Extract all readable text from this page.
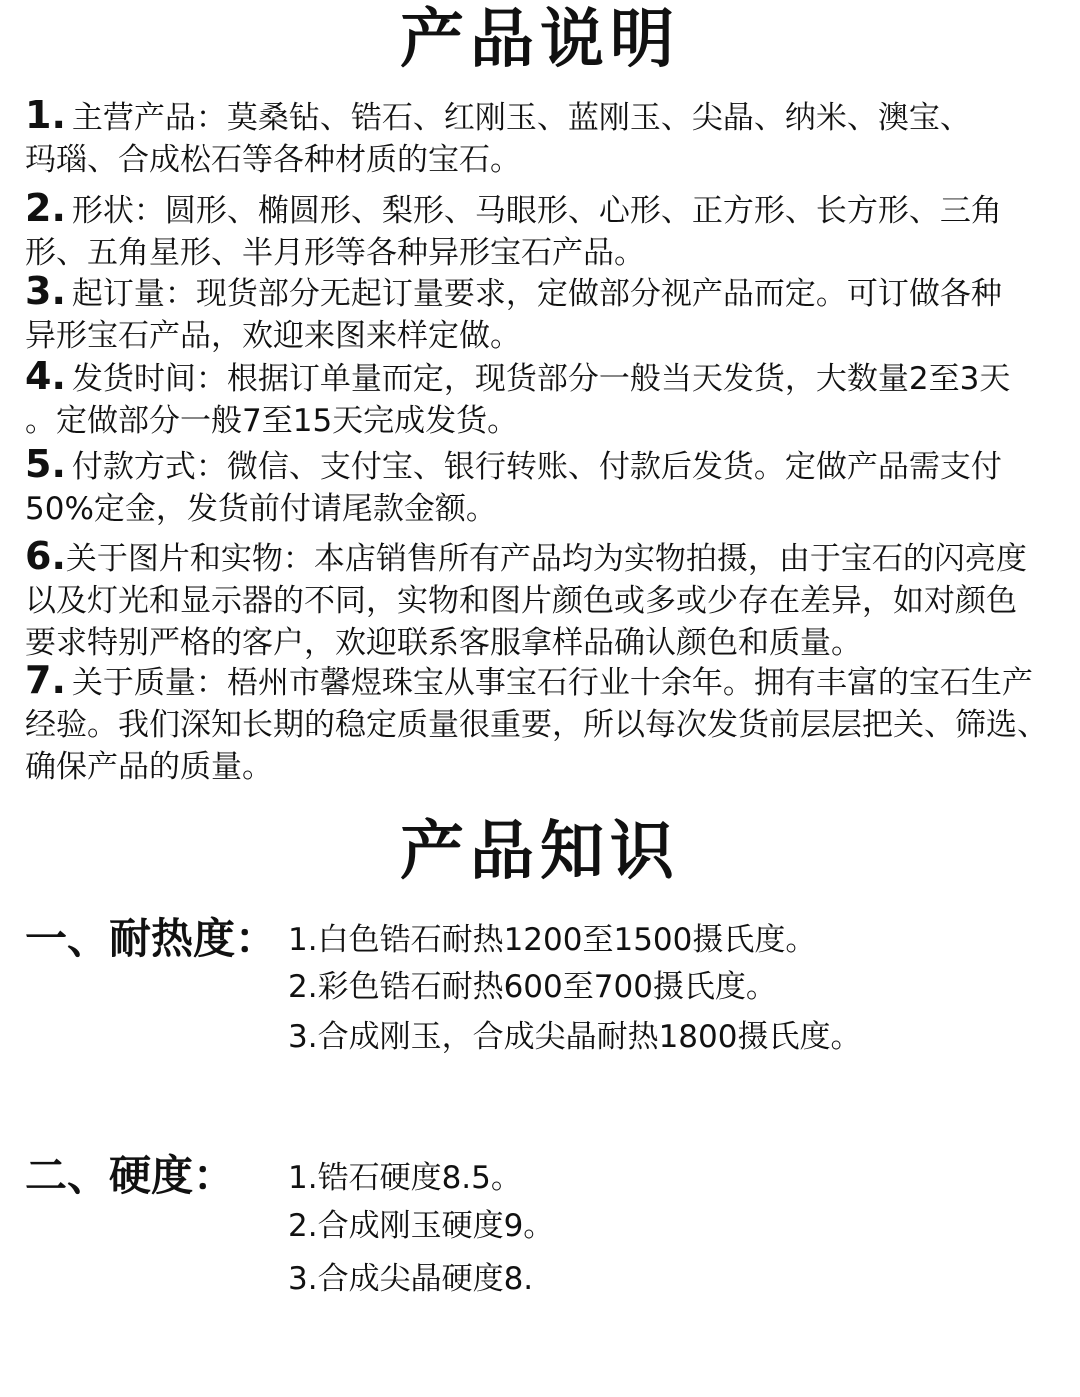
产品说明
1. 主营产品：莫桑钻、锆石、红刚玉、蓝刚玉、尖晶、纳米、澳宝、
玛瑙、合成松石等各种材质的宝石。
2. 形状：圆形、椭圆形、梨形、马眼形、心形、正方形、长方形、三角
形、五角星形、半月形等各种异形宝石产品。
3. 起订量：现货部分无起订量要求，定做部分视产品而定。可订做各种
异形宝石产品，欢迎来图来样定做。
4. 发货时间：根据订单量而定，现货部分一般当天发货，大数量2至3天
。定做部分一般7至15天完成发货。
5. 付款方式：微信、支付宝、银行转账、付款后发货。定做产品需支付
50%定金，发货前付请尾款金额。
6.关于图片和实物：本店销售所有产品均为实物拍摄，由于宝石的闪亮度
以及灯光和显示器的不同，实物和图片颜色或多或少存在差异，如对颜色
要求特别严格的客户，欢迎联系客服拿样品确认颜色和质量。
7. 关于质量：梧州市馨煜珠宝从事宝石行业十余年。拥有丰富的宝石生产
经验。我们深知长期的稳定质量很重要，所以每次发货前层层把关、筛选、
确保产品的质量。
产品知识
一、耐热度： 1.白色锆石耐热1200至1500摄氏度。
2.彩色锆石耐热600至700摄氏度。
3.合成刚玉，合成尖晶耐热1800摄氏度。
二、硬度： 1.锆石硬度8.5。
2.合成刚玉硬度9。
3.合成尖晶硬度8.
